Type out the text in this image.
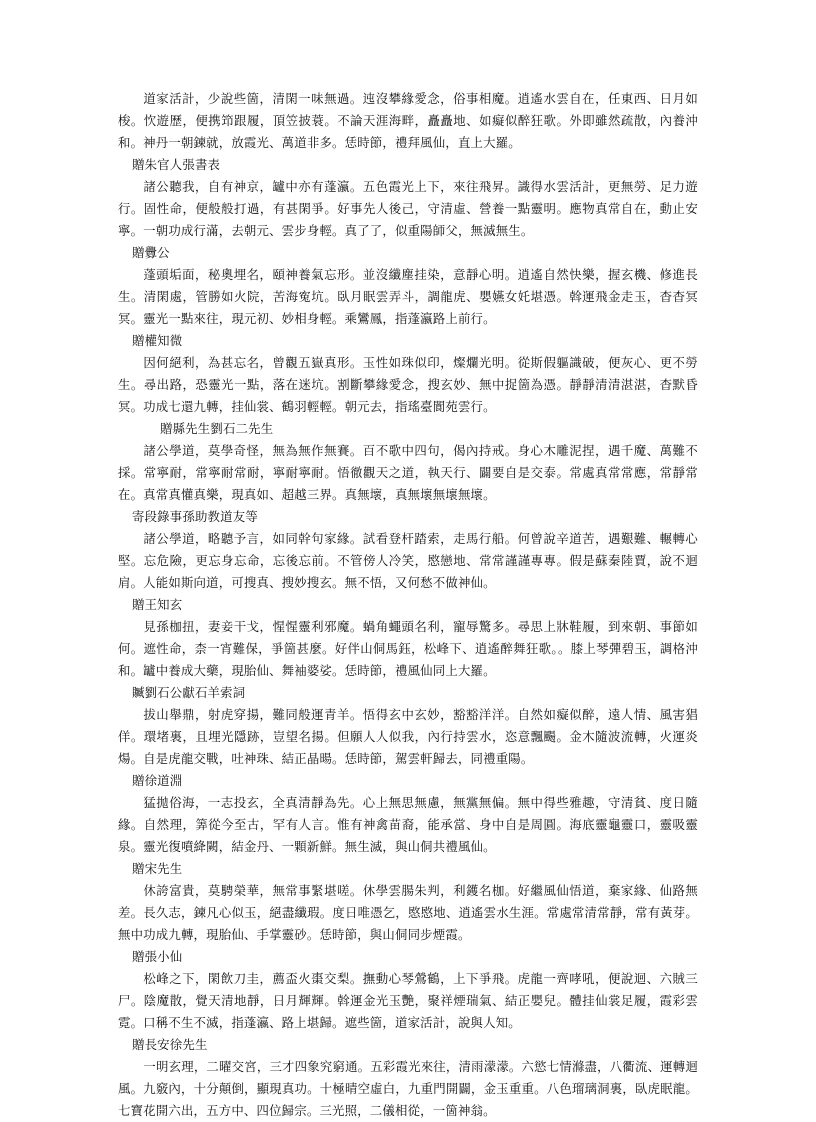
道家活計，少說些箇，清閑一味無過。迍沒攀緣愛念，俗事相魔。逍遙水雲自在，任東西、日月如梭。忺遊歷，便携笻跟履，頂笠披蓑。不論天涯海畔，矗矗地、如癡似醉狂歌。外即雖然疏散，內養沖和。神丹一朝鍊就，放霞光、萬道非多。恁時節，禮拜風仙，直上大羅。

贈朱官人張書表

諸公聽我，自有神京，罏中亦有蓬瀛。五色霞光上下，來往飛昇。識得水雲活計，更無勞、足力遊行。固性命，便般般打過，有甚閑爭。好事先人後己，守清虛、營養一點靈明。應物真常自在，動止安寧。一朝功成行滿，去朝元、雲步身輕。真了了，似重陽師父，無滅無生。

贈釁公

蓬頭垢面，秘奧埋名，頤神養氣忘形。並沒纖塵挂染，意靜心明。逍遙自然快樂，握玄機、修進長生。清閑處，管勝如火院，苦海寃坑。臥月眠雲弄斗，調龍虎、嬰嬿女奼堪憑。斡運飛金走玉，杳杳冥冥。靈光一點來往，現元初、妙相身輕。乘鸞鳳，指蓬瀛路上前行。

贈權知微

因何絕利，為甚忘名，曾觀五嶽真形。玉性如珠似印，燦爛光明。從斯假軀識破，便灰心、更不勞生。尋出路，恐靈光一點，落在迷坑。割斷攀緣愛念，搜玄妙、無中捉箇為憑。靜靜清清湛湛，杳默昏冥。功成七還九轉，挂仙裳、鶴羽輕輕。朝元去，指瑤臺閬苑雲行。

贈縣先生劉石二先生

諸公學道，莫學奇怪，無為無作無賽。百不歌中四句，偈內持戒。身心木雕泥捏，遇千魔、萬難不採。常寧耐，常寧耐常耐，寧耐寧耐。悟徹觀天之道，執天行、闢要自是交泰。常處真常常應，常靜常在。真常真懽真樂，現真如、超越三界。真無壞，真無壞無壞無壞。

寄段錄事孫助教道友等

諸公學道，略聽予言，如同幹句家緣。試看登杆踏索，走馬行船。何曾說辛道苦，遇艱難、輾轉心堅。忘危險，更忘身忘命，忘後忘前。不管傍人冷笑，愍戀地、常常謹謹專專。假是蘇秦陸賈，說不迴肩。人能如斯向道，可搜真、搜妙搜玄。無不悟，又何愁不做神仙。

贈王知玄

見孫枷扭，妻妾干戈，惺惺靈利邪魔。蝸角蠅頭名利，寵辱驚多。尋思上牀鞋履，到來朝、事節如何。遮性命，柰一宵難保，爭箇甚麼。好伴山侗馬鈺，松峰下、逍遙醉舞狂歌。。膝上琴彈碧玉，調格沖和。罏中養成大藥，現胎仙、舞袖婆娑。恁時節，禮風仙同上大羅。

贓劉石公獻石羊索詞

拔山舉鼎，射虎穿揚，難同般運青羊。悟得玄中玄妙，豁豁洋洋。自然如癡似醉，遠人情、風害猖佯。環堵裏，且埋光隱跡，豈望名揚。但願人人似我，內行持雲水，恣意飄颺。金木隨波流轉，火運炎煬。自是虎龍交戰，吐神珠、結正晶暘。恁時節，駕雲軒歸去，同禮重陽。

贈徐道淵

猛拋俗海，一志投玄，全真清靜為先。心上無思無慮，無黨無偏。無中得些雅趣，守清貧、度日隨緣。自然理，筭從今至古，罕有人言。惟有神禽苗裔，能承當、身中自是周圓。海底靈龜靈口，靈吸靈泉。靈光復噴絳闕，結金丹、一顆新鮮。無生滅，與山侗共禮風仙。

贈宋先生

休誇富貴，莫騁榮華，無常事緊堪嗟。休學雲腸朱判，利鑊名枷。好繼風仙悟道，棄家緣、仙路無差。長久志，鍊凡心似玉，絕盡纖瑕。度日唯憑乞，愍愍地、逍遙雲水生涯。常處常清常靜，常有黃芽。無中功成九轉，現胎仙、手掌靈砂。恁時節，與山侗同步煙霞。

贈張小仙

松峰之下，閑飲刀圭，薦盃火棗交梨。撫動心琴鶯鶴，上下爭飛。虎龍一齊哮吼，便說迴、六賊三尸。陰魔散，覺天清地靜，日月輝輝。斡運金光玉艷，聚祥煙瑞氣、結正嬰兒。體挂仙裳足履，霞彩雲霓。口稱不生不滅，指蓬瀛、路上堪歸。遮些箇，道家活計，說與人知。

贈長安徐先生

一明玄理，二曜交宮，三才四象究窮通。五彩霞光來往，清雨濛濛。六慾七情滌盡，八衢流、運轉迴風。九竅內，十分顛倒，顯現真功。十極晴空虛白，九重門開闢，金玉重重。八色瑠璃洞裏，臥虎眠龍。七寶花開六出，五方中、四位歸宗。三光照，二儀相從，一箇神翁。
